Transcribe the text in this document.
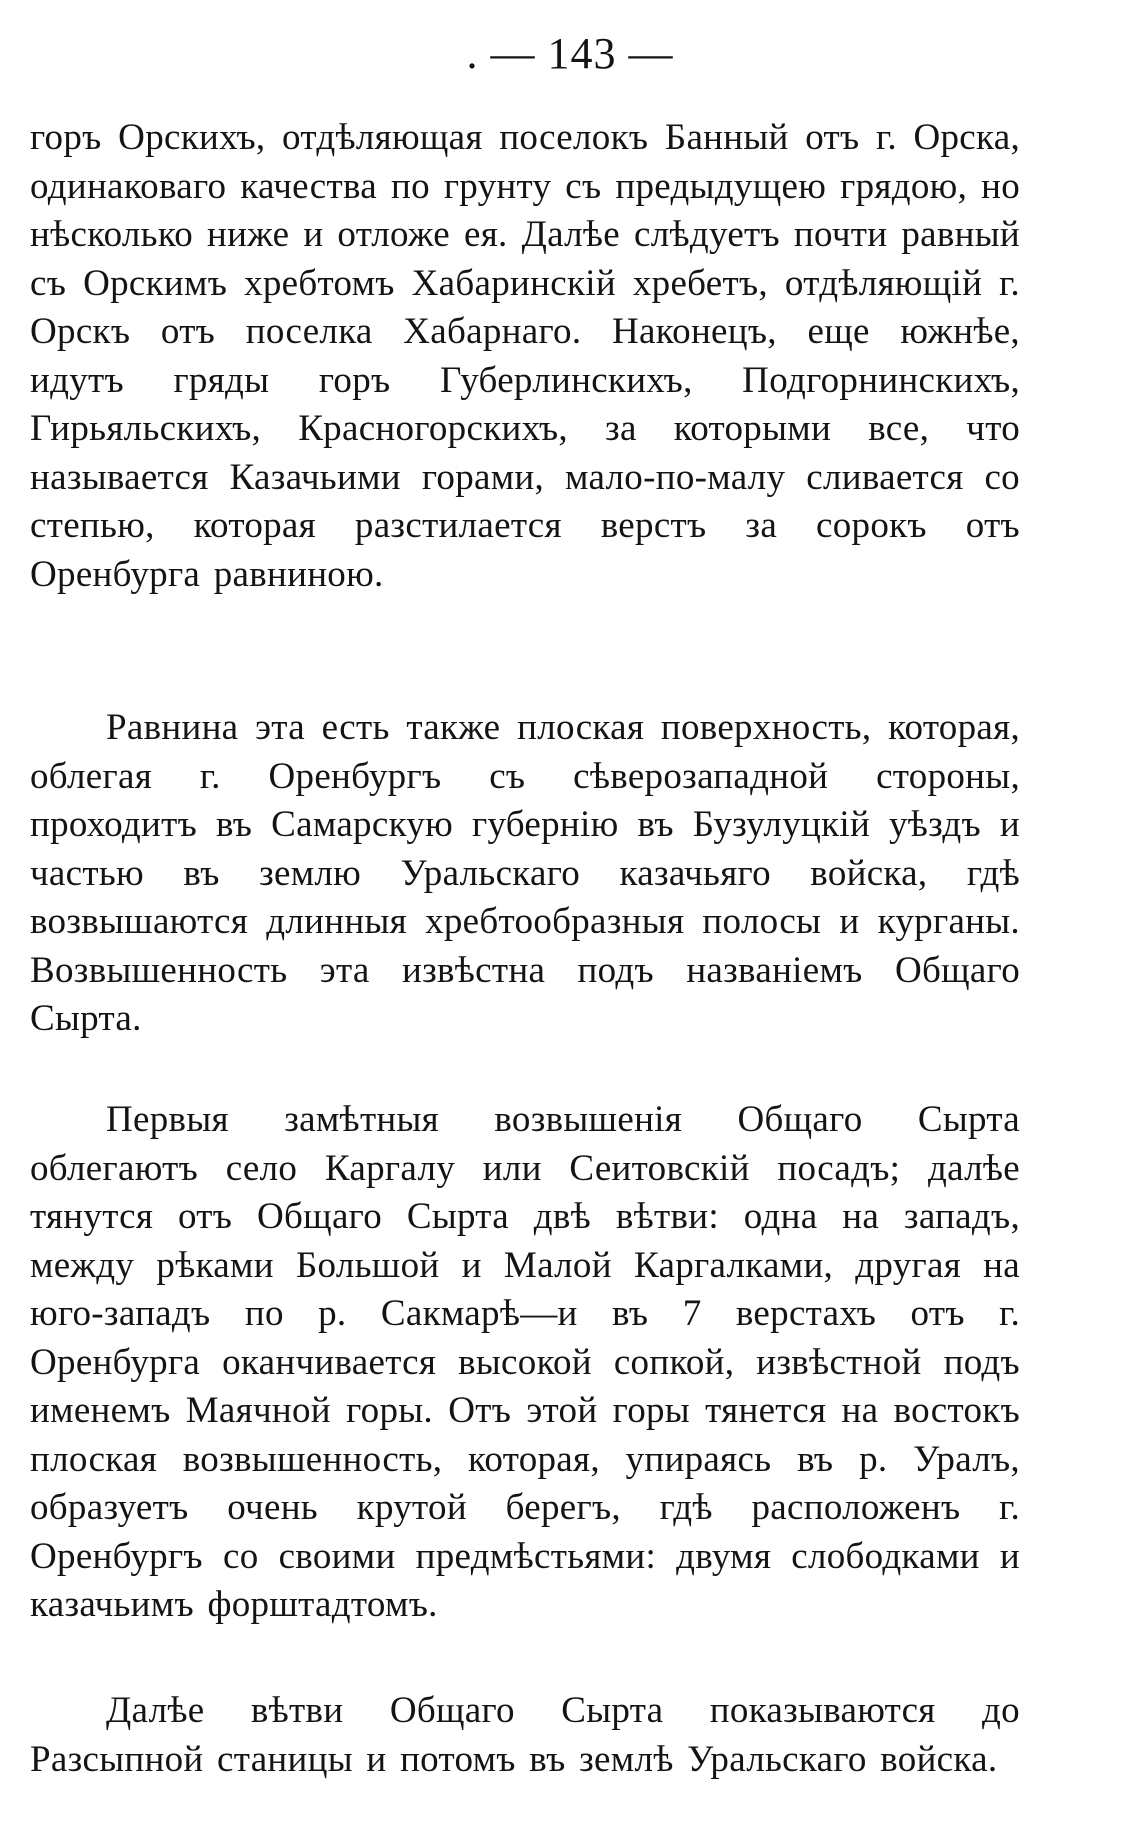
. — 143 —

горъ Орскихъ, отдѣляющая поселокъ Банный отъ г. Орска, одинаковаго качества по грунту съ предыдущею грядою, но нѣсколько ниже и отложе ея. Далѣе слѣдуетъ почти равный съ Орскимъ хребтомъ Хабаринскій хребетъ, отдѣляющій г. Орскъ отъ поселка Хабарнаго. Наконецъ, еще южнѣе, идутъ гряды горъ Губерлинскихъ, Подгорнинскихъ, Гирьяльскихъ, Красногорскихъ, за которыми все, что называется Казачьими горами, мало-по-малу сливается со степью, которая разстилается верстъ за сорокъ отъ Оренбурга равниною.

Равнина эта есть также плоская поверхность, которая, облегая г. Оренбургъ съ сѣверозападной стороны, проходитъ въ Самарскую губернію въ Бузулуцкій уѣздъ и частью въ землю Уральскаго казачьяго войска, гдѣ возвышаются длинныя хребтообразныя полосы и курганы. Возвышенность эта извѣстна подъ названіемъ Общаго Сырта.

Первыя замѣтныя возвышенія Общаго Сырта облегаютъ село Каргалу или Сеитовскій посадъ; далѣе тянутся отъ Общаго Сырта двѣ вѣтви: одна на западъ, между рѣками Большой и Малой Каргалками, другая на юго-западъ по р. Сакмарѣ—и въ 7 верстахъ отъ г. Оренбурга оканчивается высокой сопкой, извѣстной подъ именемъ Маячной горы. Отъ этой горы тянется на востокъ плоская возвышенность, которая, упираясь въ р. Уралъ, образуетъ очень крутой берегъ, гдѣ расположенъ г. Оренбургъ со своими предмѣстьями: двумя слободками и казачьимъ форштадтомъ.

Далѣе вѣтви Общаго Сырта показываются до Разсыпной станицы и потомъ въ землѣ Уральскаго войска.
